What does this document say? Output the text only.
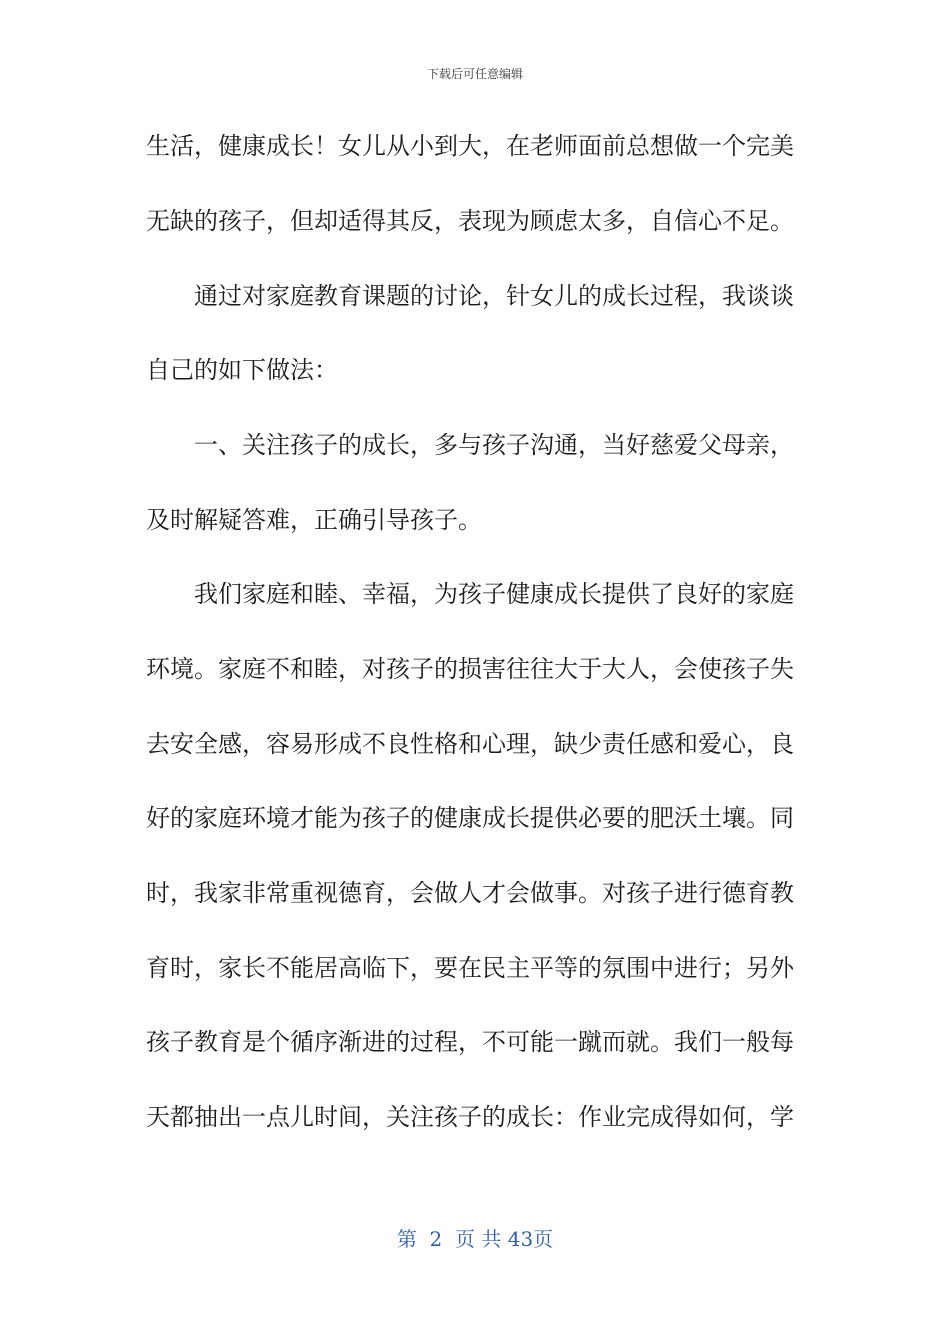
下载后可任意编辑
生活，健康成长！女儿从小到大，在老师面前总想做一个完美
无缺的孩子，但却适得其反，表现为顾虑太多，自信心不足。
通过对家庭教育课题的讨论，针女儿的成长过程，我谈谈
自己的如下做法：
一、关注孩子的成长，多与孩子沟通，当好慈爱父母亲，
及时解疑答难，正确引导孩子。
我们家庭和睦、幸福，为孩子健康成长提供了良好的家庭
环境。家庭不和睦，对孩子的损害往往大于大人，会使孩子失
去安全感，容易形成不良性格和心理，缺少责任感和爱心，良
好的家庭环境才能为孩子的健康成长提供必要的肥沃土壤。同
时，我家非常重视德育，会做人才会做事。对孩子进行德育教
育时，家长不能居高临下，要在民主平等的氛围中进行；另外
孩子教育是个循序渐进的过程，不可能一蹴而就。我们一般每
天都抽出一点儿时间，关注孩子的成长：作业完成得如何，学
第 2 页 共 43页
